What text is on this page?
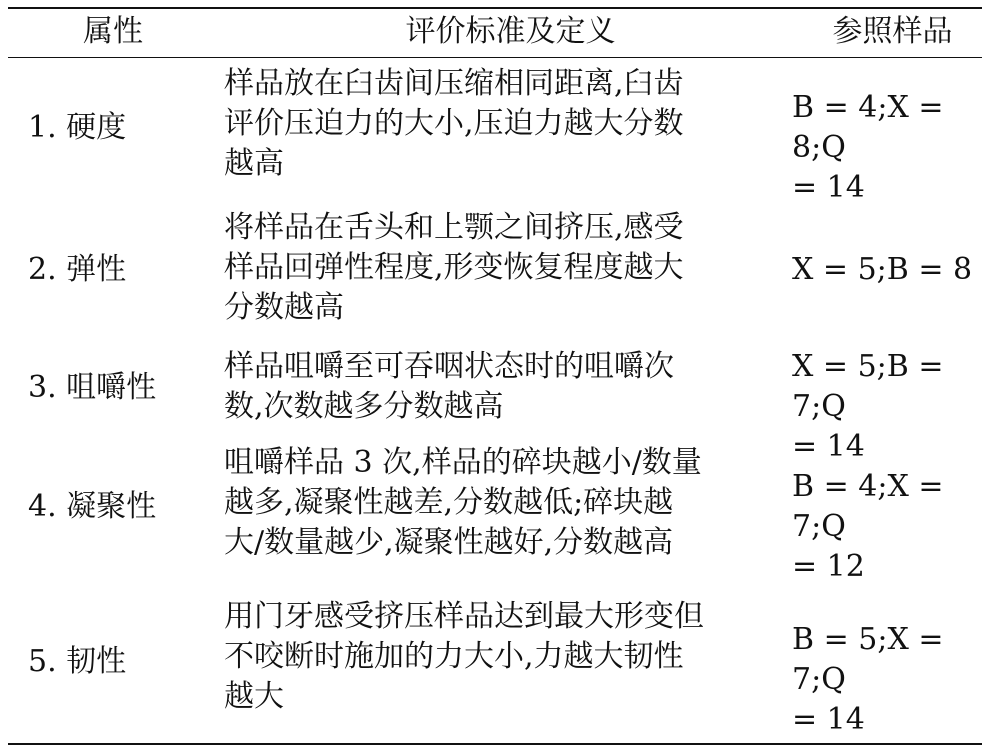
属性	评价标准及定义	参照样品
1. 硬度
样品放在臼齿间压缩相同距离,臼齿
评价压迫力的大小,压迫力越大分数
越高
B = 4;X = 8;Q
= 14
2. 弹性
将样品在舌头和上颚之间挤压,感受
样品回弹性程度,形变恢复程度越大
分数越高
X = 5;B = 8
3. 咀嚼性
样品咀嚼至可吞咽状态时的咀嚼次
数,次数越多分数越高
X = 5;B = 7;Q
= 14
4. 凝聚性
咀嚼样品 3 次,样品的碎块越小/数量
越多,凝聚性越差,分数越低;碎块越
大/数量越少,凝聚性越好,分数越高
B = 4;X = 7;Q
= 12
5. 韧性
用门牙感受挤压样品达到最大形变但
不咬断时施加的力大小,力越大韧性
越大
B = 5;X = 7;Q
= 14
